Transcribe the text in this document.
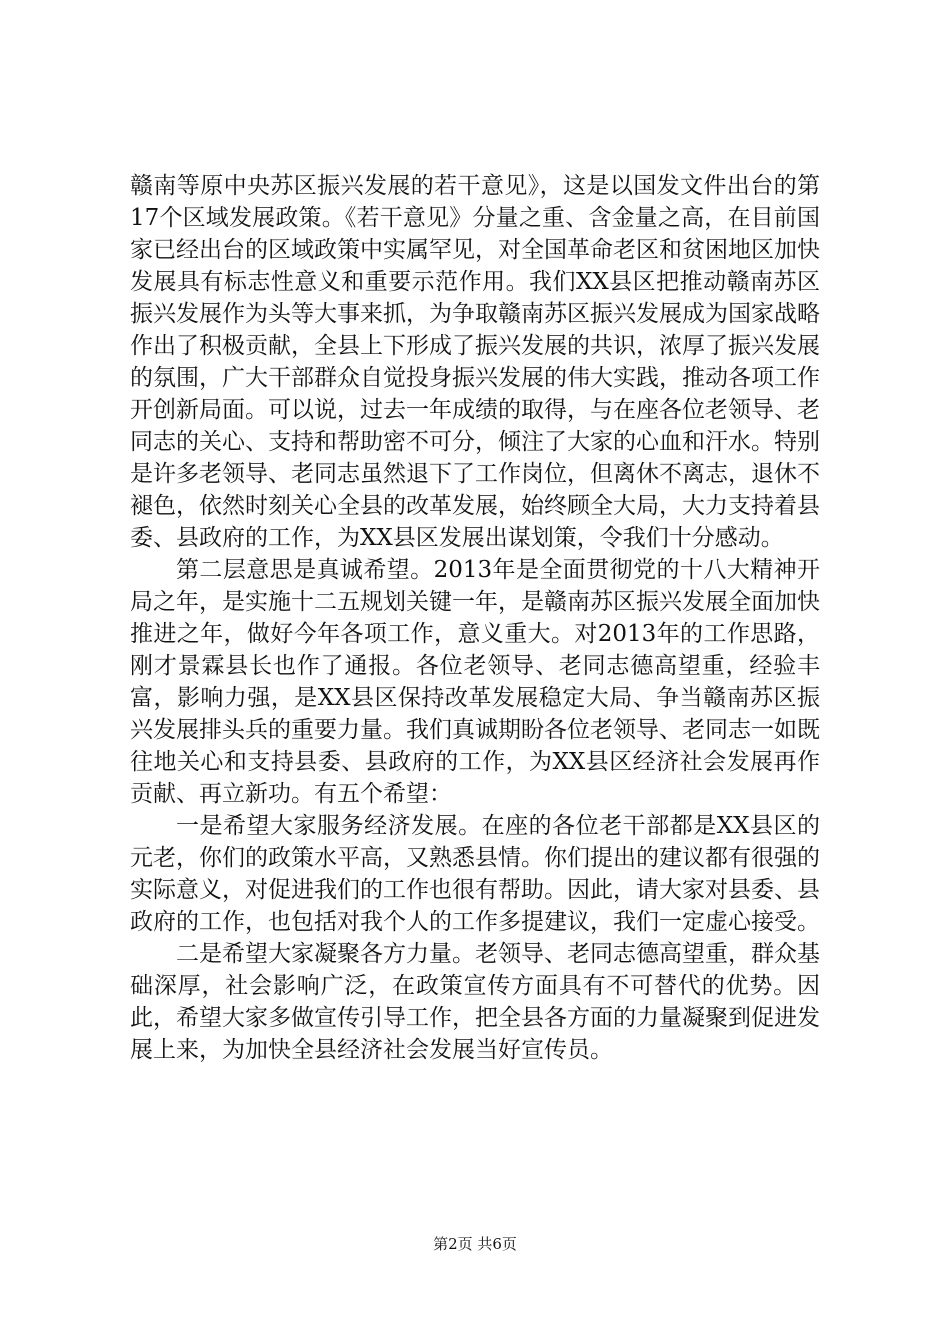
赣南等原中央苏区振兴发展的若干意见》，这是以国发文件出台的第17个区域发展政策。《若干意见》分量之重、含金量之高，在目前国家已经出台的区域政策中实属罕见，对全国革命老区和贫困地区加快发展具有标志性意义和重要示范作用。我们XX县区把推动赣南苏区振兴发展作为头等大事来抓，为争取赣南苏区振兴发展成为国家战略作出了积极贡献，全县上下形成了振兴发展的共识，浓厚了振兴发展的氛围，广大干部群众自觉投身振兴发展的伟大实践，推动各项工作开创新局面。可以说，过去一年成绩的取得，与在座各位老领导、老同志的关心、支持和帮助密不可分，倾注了大家的心血和汗水。特别是许多老领导、老同志虽然退下了工作岗位，但离休不离志，退休不褪色，依然时刻关心全县的改革发展，始终顾全大局，大力支持着县委、县政府的工作，为XX县区发展出谋划策，令我们十分感动。

第二层意思是真诚希望。2013年是全面贯彻党的十八大精神开局之年，是实施十二五规划关键一年，是赣南苏区振兴发展全面加快推进之年，做好今年各项工作，意义重大。对2013年的工作思路，刚才景霖县长也作了通报。各位老领导、老同志德高望重，经验丰富，影响力强，是XX县区保持改革发展稳定大局、争当赣南苏区振兴发展排头兵的重要力量。我们真诚期盼各位老领导、老同志一如既往地关心和支持县委、县政府的工作，为XX县区经济社会发展再作贡献、再立新功。有五个希望：

一是希望大家服务经济发展。在座的各位老干部都是XX县区的元老，你们的政策水平高，又熟悉县情。你们提出的建议都有很强的实际意义，对促进我们的工作也很有帮助。因此，请大家对县委、县政府的工作，也包括对我个人的工作多提建议，我们一定虚心接受。

二是希望大家凝聚各方力量。老领导、老同志德高望重，群众基础深厚，社会影响广泛，在政策宣传方面具有不可替代的优势。因此，希望大家多做宣传引导工作，把全县各方面的力量凝聚到促进发展上来，为加快全县经济社会发展当好宣传员。

第2页 共6页
